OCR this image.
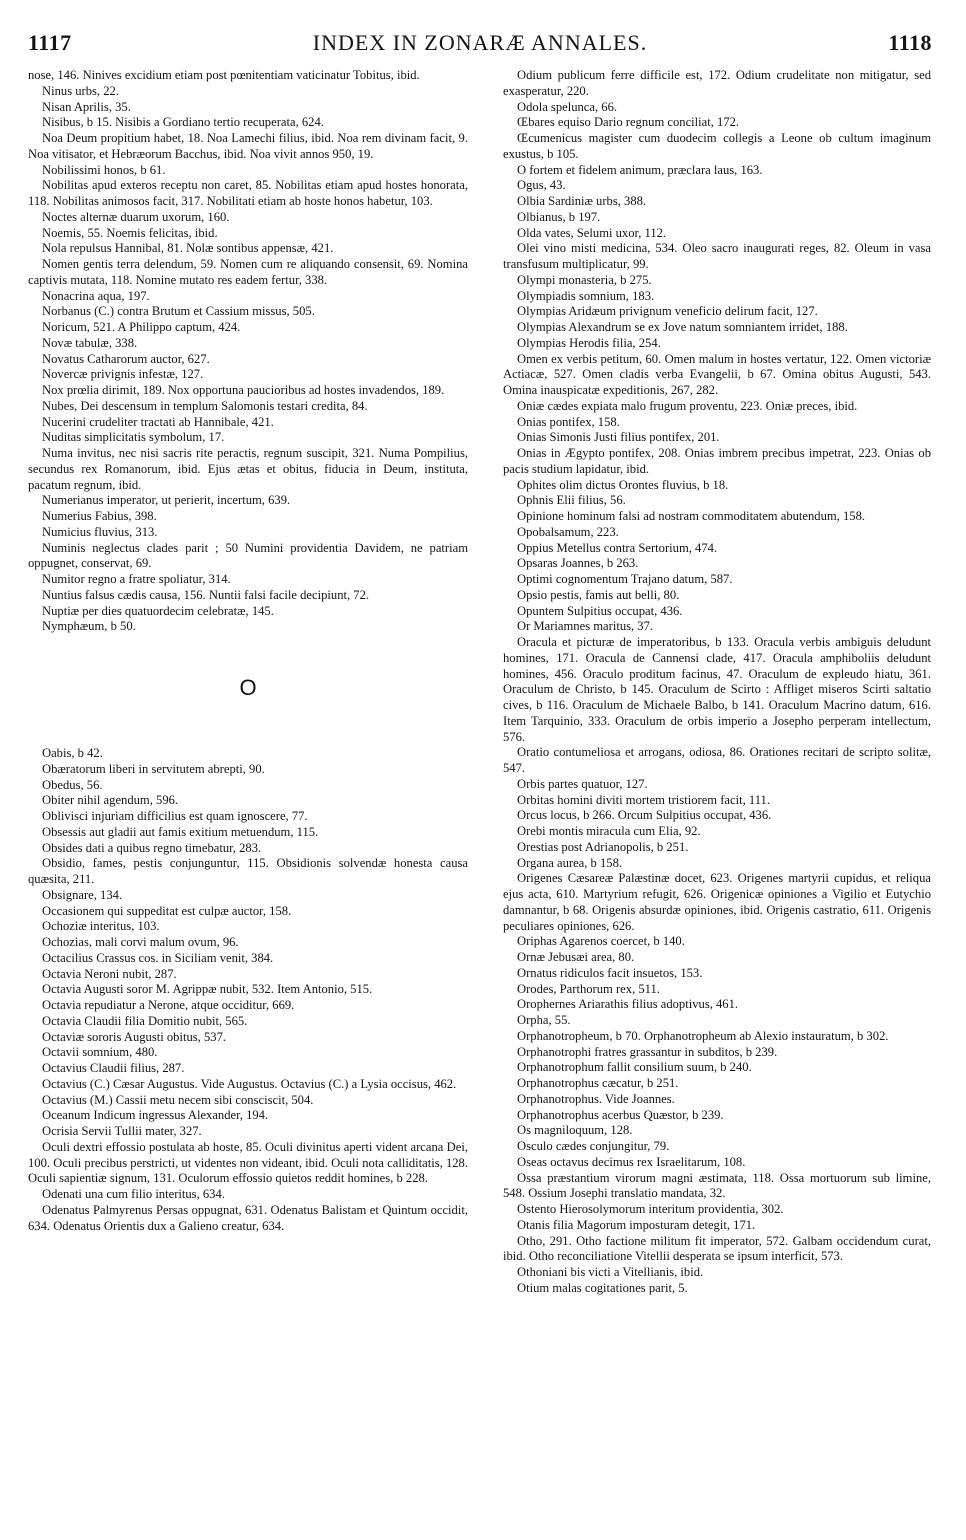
1117	INDEX IN ZONARÆ ANNALES.	1118

nose, 146. Ninives excidium etiam post pœnitentiam vaticinatur Tobitus, ibid.

Ninus urbs, 22.

Nisan Aprilis, 35.

Nisibus, b 15. Nisibis a Gordiano tertio recuperata, 624.

Noa Deum propitium habet, 18. Noa Lamechi filius, ibid. Noa rem divinam facit, 9. Noa vitisator, et Hebræorum Bacchus, ibid. Noa vivit annos 950, 19.

Nobilissimi honos, b 61.

Nobilitas apud exteros receptu non caret, 85. Nobilitas etiam apud hostes honorata, 118. Nobilitas animosos facit, 317. Nobilitati etiam ab hoste honos habetur, 103.

Noctes alternæ duarum uxorum, 160.

Noemis, 55. Noemis felicitas, ibid.

Nola repulsus Hannibal, 81. Nolæ sontibus appensæ, 421.

Nomen gentis terra delendum, 59. Nomen cum re aliquando consensit, 69. Nomina captivis mutata, 118. Nomine mutato res eadem fertur, 338.

Nonacrina aqua, 197.

Norbanus (C.) contra Brutum et Cassium missus, 505.

Noricum, 521. A Philippo captum, 424.

Novæ tabulæ, 338.

Novatus Catharorum auctor, 627.

Novercæ privignis infestæ, 127.

Nox prœlia dirimit, 189. Nox opportuna paucioribus ad hostes invadendos, 189.

Nubes, Dei descensum in templum Salomonis testari credita, 84.

Nucerini crudeliter tractati ab Hannibale, 421.

Nuditas simplicitatis symbolum, 17.

Numa invitus, nec nisi sacris rite peractis, regnum suscipit, 321. Numa Pompilius, secundus rex Romanorum, ibid. Ejus ætas et obitus, fiducia in Deum, instituta, pacatum regnum, ibid.

Numerianus imperator, ut perierit, incertum, 639.

Numerius Fabius, 398.

Numicius fluvius, 313.

Numinis neglectus clades parit ; 50 Numini providentia Davidem, ne patriam oppugnet, conservat, 69.

Numitor regno a fratre spoliatur, 314.

Nuntius falsus cædis causa, 156. Nuntii falsi facile decipiunt, 72.

Nuptiæ per dies quatuordecim celebratæ, 145.

Nymphæum, b 50.

O

Oabis, b 42.

Obæratorum liberi in servitutem abrepti, 90.

Obedus, 56.

Obiter nihil agendum, 596.

Oblivisci injuriam difficilius est quam ignoscere, 77.

Obsessis aut gladii aut famis exitium metuendum, 115.

Obsides dati a quibus regno timebatur, 283.

Obsidio, fames, pestis conjunguntur, 115. Obsidionis solvendæ honesta causa quæsita, 211.

Obsignare, 134.

Occasionem qui suppeditat est culpæ auctor, 158.

Ochoziæ interitus, 103.

Ochozias, mali corvi malum ovum, 96.

Octacilius Crassus cos. in Siciliam venit, 384.

Octavia Neroni nubit, 287.

Octavia Augusti soror M. Agrippæ nubit, 532. Item Antonio, 515.

Octavia repudiatur a Nerone, atque occiditur, 669.

Octavia Claudii filia Domitio nubit, 565.

Octaviæ sororis Augusti obitus, 537.

Octavii somnium, 480.

Octavius Claudii filius, 287.

Octavius (C.) Cæsar Augustus. Vide Augustus. Octavius (C.) a Lysia occisus, 462.

Octavius (M.) Cassii metu necem sibi consciscit, 504.

Oceanum Indicum ingressus Alexander, 194.

Ocrisia Servii Tullii mater, 327.

Oculi dextri effossio postulata ab hoste, 85. Oculi divinitus aperti vident arcana Dei, 100. Oculi precibus perstricti, ut videntes non videant, ibid. Oculi nota calliditatis, 128. Oculi sapientiæ signum, 131. Oculorum effossio quietos reddit homines, b 228.

Odenati una cum filio interitus, 634.

Odenatus Palmyrenus Persas oppugnat, 631. Odenatus Balistam et Quintum occidit, 634. Odenatus Orientis dux a Galieno creatur, 634.

Odium publicum ferre difficile est, 172. Odium crudelitate non mitigatur, sed exasperatur, 220.

Odola spelunca, 66.

Œbares equiso Dario regnum conciliat, 172.

Œcumenicus magister cum duodecim collegis a Leone ob cultum imaginum exustus, b 105.

O fortem et fidelem animum, præclara laus, 163.

Ogus, 43.

Olbia Sardiniæ urbs, 388.

Olbianus, b 197.

Olda vates, Selumi uxor, 112.

Olei vino misti medicina, 534. Oleo sacro inaugurati reges, 82. Oleum in vasa transfusum multiplicatur, 99.

Olympi monasteria, b 275.

Olympiadis somnium, 183.

Olympias Aridæum privignum veneficio delirum facit, 127.

Olympias Alexandrum se ex Jove natum somniantem irridet, 188.

Olympias Herodis filia, 254.

Omen ex verbis petitum, 60. Omen malum in hostes vertatur, 122. Omen victoriæ Actiacæ, 527. Omen cladis verba Evangelii, b 67. Omina obitus Augusti, 543. Omina inauspicatæ expeditionis, 267, 282.

Oniæ cædes expiata malo frugum proventu, 223. Oniæ preces, ibid.

Onias pontifex, 158.

Onias Simonis Justi filius pontifex, 201.

Onias in Ægypto pontifex, 208. Onias imbrem precibus impetrat, 223. Onias ob pacis studium lapidatur, ibid.

Ophites olim dictus Orontes fluvius, b 18.

Ophnis Elii filius, 56.

Opinione hominum falsi ad nostram commoditatem abutendum, 158.

Opobalsamum, 223.

Oppius Metellus contra Sertorium, 474.

Opsaras Joannes, b 263.

Optimi cognomentum Trajano datum, 587.

Opsio pestis, famis aut belli, 80.

Opuntem Sulpitius occupat, 436.

Or Mariamnes maritus, 37.

Oracula et picturæ de imperatoribus, b 133. Oracula verbis ambiguis deludunt homines, 171. Oracula de Cannensi clade, 417. Oracula amphiboliis deludunt homines, 456. Oraculo proditum facinus, 47. Oraculum de expleudo hiatu, 361. Oraculum de Christo, b 145. Oraculum de Scirto : Affliget miseros Scirti saltatio cives, b 116. Oraculum de Michaele Balbo, b 141. Oraculum Macrino datum, 616. Item Tarquinio, 333. Oraculum de orbis imperio a Josepho perperam intellectum, 576.

Oratio contumeliosa et arrogans, odiosa, 86. Orationes recitari de scripto solitæ, 547.

Orbis partes quatuor, 127.

Orbitas homini diviti mortem tristiorem facit, 111.

Orcus locus, b 266. Orcum Sulpitius occupat, 436.

Orebi montis miracula cum Elia, 92.

Orestias post Adrianopolis, b 251.

Organa aurea, b 158.

Origenes Cæsareæ Palæstinæ docet, 623. Origenes martyrii cupidus, et reliqua ejus acta, 610. Martyrium refugit, 626. Origenicæ opiniones a Vigilio et Eutychio damnantur, b 68. Origenis absurdæ opiniones, ibid. Origenis castratio, 611. Origenis peculiares opiniones, 626.

Oriphas Agarenos coercet, b 140.

Ornæ Jebusæi area, 80.

Ornatus ridiculos facit insuetos, 153.

Orodes, Parthorum rex, 511.

Orophernes Ariarathis filius adoptivus, 461.

Orpha, 55.

Orphanotropheum, b 70. Orphanotropheum ab Alexio instauratum, b 302.

Orphanotrophi fratres grassantur in subditos, b 239.

Orphanotrophum fallit consilium suum, b 240.

Orphanotrophus cæcatur, b 251.

Orphanotrophus. Vide Joannes.

Orphanotrophus acerbus Quæstor, b 239.

Os magniloquum, 128.

Osculo cædes conjungitur, 79.

Oseas octavus decimus rex Israelitarum, 108.

Ossa præstantium virorum magni æstimata, 118. Ossa mortuorum sub limine, 548. Ossium Josephi translatio mandata, 32.

Ostento Hierosolymorum interitum providentia, 302.

Otanis filia Magorum imposturam detegit, 171.

Otho, 291. Otho factione militum fit imperator, 572. Galbam occidendum curat, ibid. Otho reconciliatione Vitellii desperata se ipsum interficit, 573.

Othoniani bis victi a Vitellianis, ibid.

Otium malas cogitationes parit, 5.
